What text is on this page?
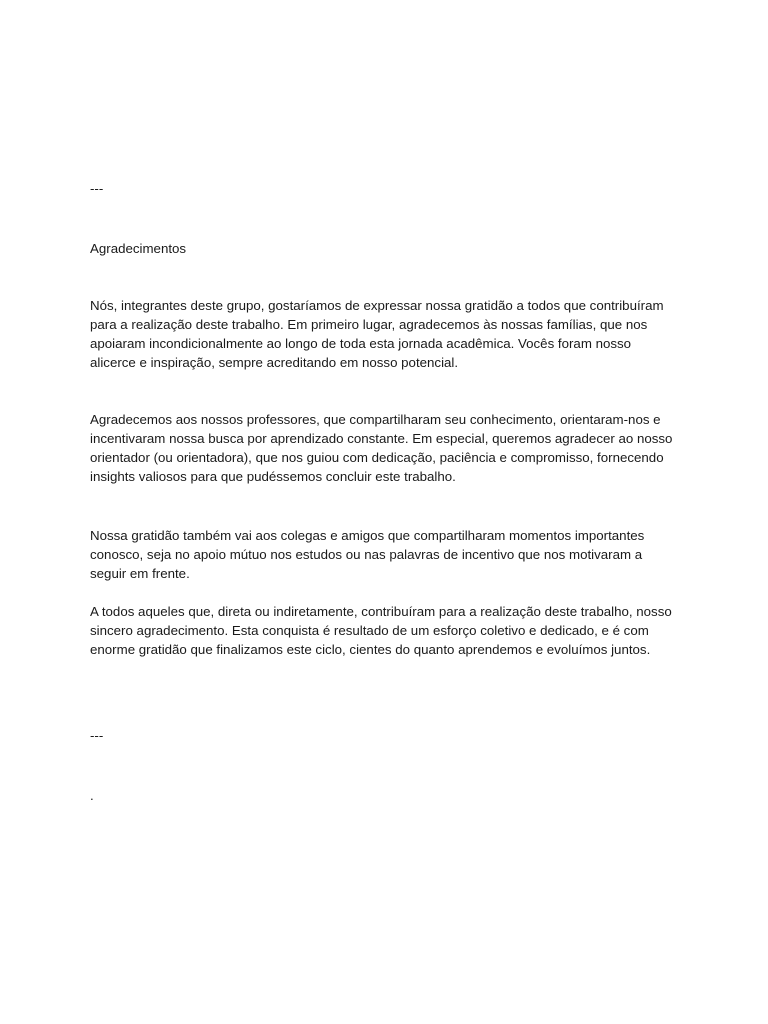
---

Agradecimentos

Nós, integrantes deste grupo, gostaríamos de expressar nossa gratidão a todos que contribuíram para a realização deste trabalho. Em primeiro lugar, agradecemos às nossas famílias, que nos apoiaram incondicionalmente ao longo de toda esta jornada acadêmica. Vocês foram nosso alicerce e inspiração, sempre acreditando em nosso potencial.

Agradecemos aos nossos professores, que compartilharam seu conhecimento, orientaram-nos e incentivaram nossa busca por aprendizado constante. Em especial, queremos agradecer ao nosso orientador (ou orientadora), que nos guiou com dedicação, paciência e compromisso, fornecendo insights valiosos para que pudéssemos concluir este trabalho.

Nossa gratidão também vai aos colegas e amigos que compartilharam momentos importantes conosco, seja no apoio mútuo nos estudos ou nas palavras de incentivo que nos motivaram a seguir em frente.

A todos aqueles que, direta ou indiretamente, contribuíram para a realização deste trabalho, nosso sincero agradecimento. Esta conquista é resultado de um esforço coletivo e dedicado, e é com enorme gratidão que finalizamos este ciclo, cientes do quanto aprendemos e evoluímos juntos.

---

.
